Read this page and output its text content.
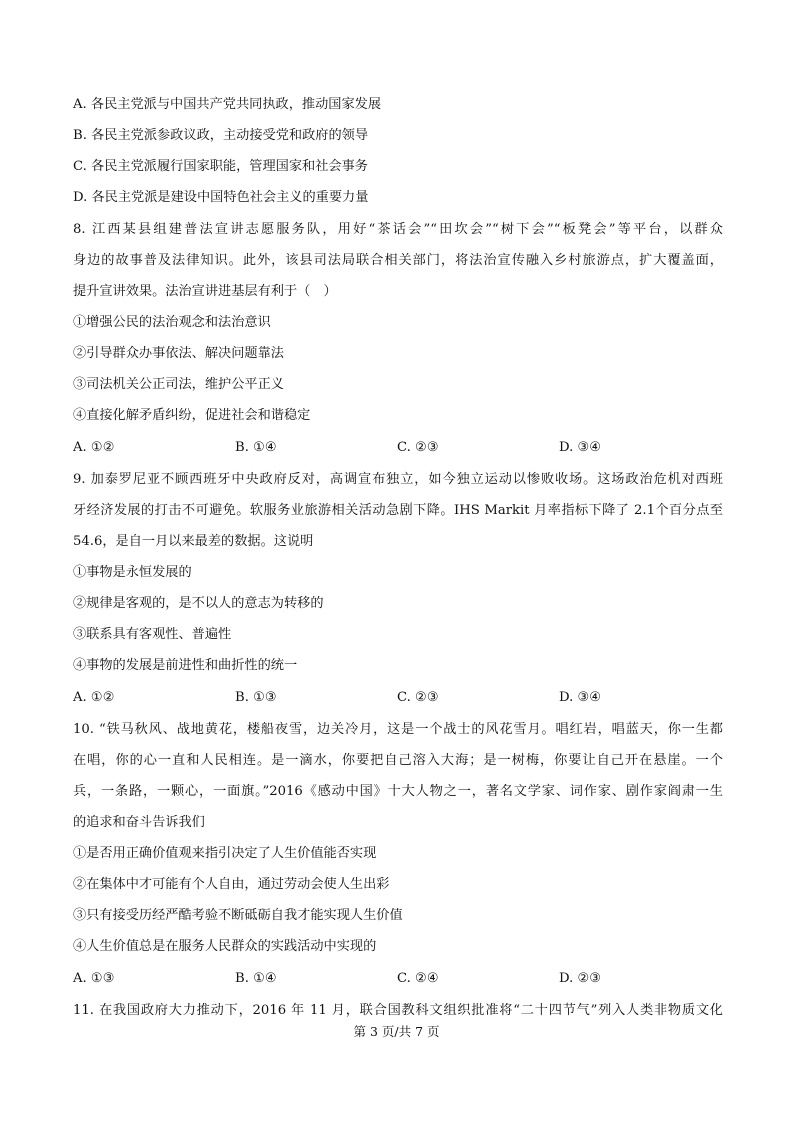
A. 各民主党派与中国共产党共同执政，推动国家发展
B. 各民主党派参政议政，主动接受党和政府的领导
C. 各民主党派履行国家职能，管理国家和社会事务
D. 各民主党派是建设中国特色社会主义的重要力量
8. 江西某县组建普法宣讲志愿服务队，用好“茶话会”“田坎会”“树下会”“板凳会”等平台，以群众
身边的故事普及法律知识。此外，该县司法局联合相关部门，将法治宣传融入乡村旅游点，扩大覆盖面，
提升宣讲效果。法治宣讲进基层有利于（　）
①增强公民的法治观念和法治意识
②引导群众办事依法、解决问题靠法
③司法机关公正司法，维护公平正义
④直接化解矛盾纠纷，促进社会和谐稳定
A. ①②	B. ①④	C. ②③	D. ③④
9. 加泰罗尼亚不顾西班牙中央政府反对，高调宣布独立，如今独立运动以惨败收场。这场政治危机对西班
牙经济发展的打击不可避免。软服务业旅游相关活动急剧下降。IHS Markit 月率指标下降了 2.1个百分点至
54.6，是自一月以来最差的数据。这说明
①事物是永恒发展的
②规律是客观的，是不以人的意志为转移的
③联系具有客观性、普遍性
④事物的发展是前进性和曲折性的统一
A. ①②	B. ①③	C. ②③	D. ③④
10. “铁马秋风、战地黄花，楼船夜雪，边关冷月，这是一个战士的风花雪月。唱红岩，唱蓝天，你一生都
在唱，你的心一直和人民相连。是一滴水，你要把自己溶入大海；是一树梅，你要让自己开在悬崖。一个
兵，一条路，一颗心，一面旗。”2016《感动中国》十大人物之一，著名文学家、词作家、剧作家阎肃一生
的追求和奋斗告诉我们
①是否用正确价值观来指引决定了人生价值能否实现
②在集体中才可能有个人自由，通过劳动会使人生出彩
③只有接受历经严酷考验不断砥砺自我才能实现人生价值
④人生价值总是在服务人民群众的实践活动中实现的
A. ①③	B. ①④	C. ②④	D. ②③
11. 在我国政府大力推动下，2016 年 11 月，联合国教科文组织批准将“二十四节气”列入人类非物质文化
第 3 页/共 7 页
